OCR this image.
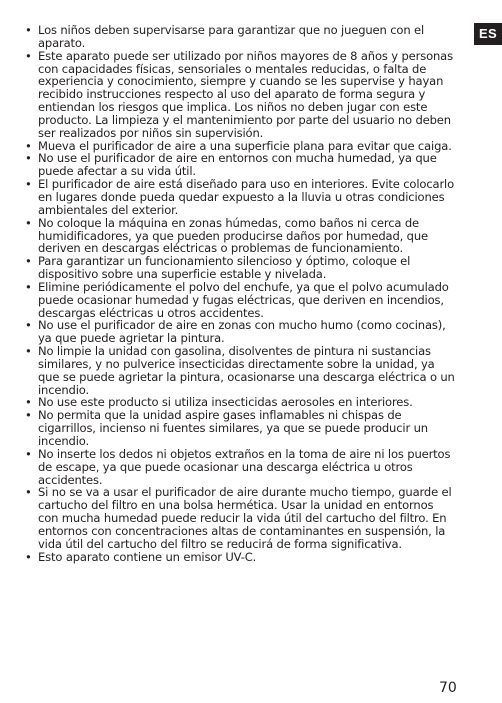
ES
• Los niños deben supervisarse para garantizar que no jueguen con el aparato.
• Este aparato puede ser utilizado por niños mayores de 8 años y personas con capacidades físicas, sensoriales o mentales reducidas, o falta de experiencia y conocimiento, siempre y cuando se les supervise y hayan recibido instrucciones respecto al uso del aparato de forma segura y entiendan los riesgos que implica. Los niños no deben jugar con este producto. La limpieza y el mantenimiento por parte del usuario no deben ser realizados por niños sin supervisión.
• Mueva el purificador de aire a una superficie plana para evitar que caiga.
• No use el purificador de aire en entornos con mucha humedad, ya que puede afectar a su vida útil.
• El purificador de aire está diseñado para uso en interiores. Evite colocarlo en lugares donde pueda quedar expuesto a la lluvia u otras condiciones ambientales del exterior.
• No coloque la máquina en zonas húmedas, como baños ni cerca de humidificadores, ya que pueden producirse daños por humedad, que deriven en descargas eléctricas o problemas de funcionamiento.
• Para garantizar un funcionamiento silencioso y óptimo, coloque el dispositivo sobre una superficie estable y nivelada.
• Elimine periódicamente el polvo del enchufe, ya que el polvo acumulado puede ocasionar humedad y fugas eléctricas, que deriven en incendios, descargas eléctricas u otros accidentes.
• No use el purificador de aire en zonas con mucho humo (como cocinas), ya que puede agrietar la pintura.
• No limpie la unidad con gasolina, disolventes de pintura ni sustancias similares, y no pulverice insecticidas directamente sobre la unidad, ya que se puede agrietar la pintura, ocasionarse una descarga eléctrica o un incendio.
• No use este producto si utiliza insecticidas aerosoles en interiores.
• No permita que la unidad aspire gases inflamables ni chispas de cigarrillos, incienso ni fuentes similares, ya que se puede producir un incendio.
• No inserte los dedos ni objetos extraños en la toma de aire ni los puertos de escape, ya que puede ocasionar una descarga eléctrica u otros accidentes.
• Si no se va a usar el purificador de aire durante mucho tiempo, guarde el cartucho del filtro en una bolsa hermética. Usar la unidad en entornos con mucha humedad puede reducir la vida útil del cartucho del filtro. En entornos con concentraciones altas de contaminantes en suspensión, la vida útil del cartucho del filtro se reducirá de forma significativa.
• Esto aparato contiene un emisor UV-C.
70
